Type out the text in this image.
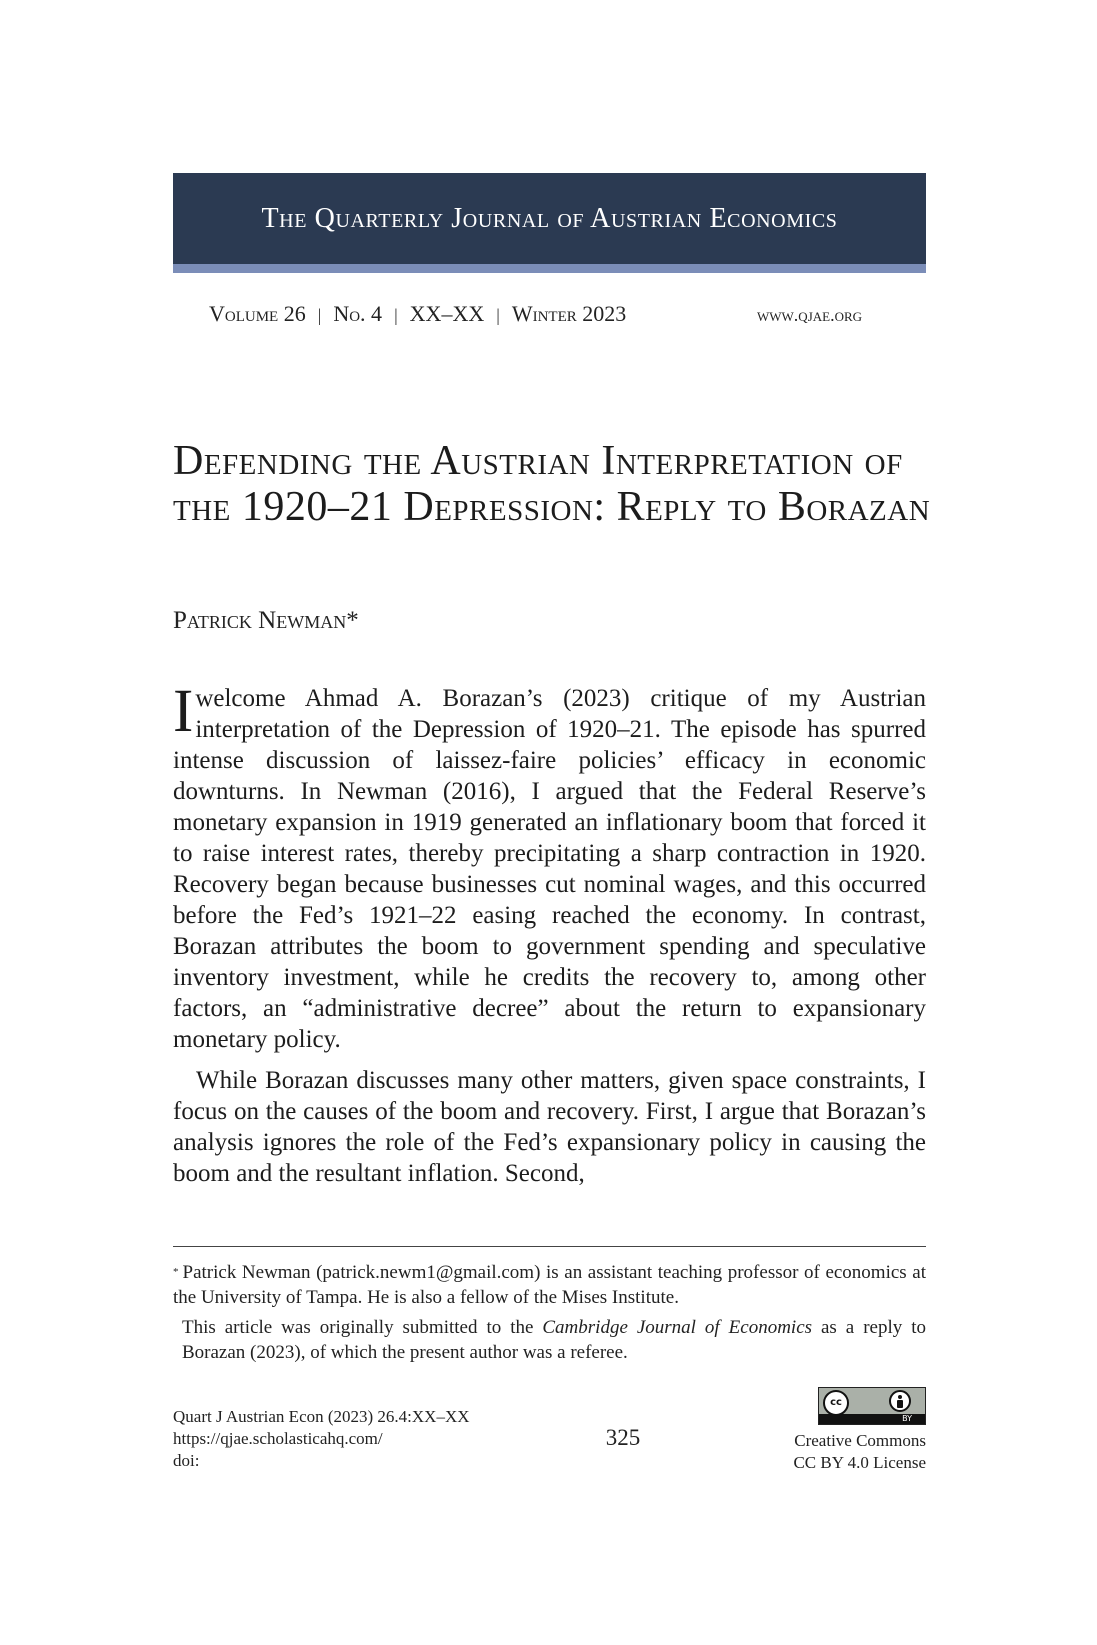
The Quarterly Journal of Austrian Economics
Volume 26 | No. 4 | XX–XX | Winter 2023	www.qjae.org
Defending the Austrian Interpretation of the 1920–21 Depression: Reply to Borazan
Patrick Newman*

Iwelcome Ahmad A. Borazan’s (2023) critique of my Austrian interpretation of the Depression of 1920–21. The episode has spurred intense discussion of laissez-faire policies’ efficacy in economic downturns. In Newman (2016), I argued that the Federal Reserve’s monetary expansion in 1919 generated an inflationary boom that forced it to raise interest rates, thereby precipitating a sharp contraction in 1920. Recovery began because businesses cut nominal wages, and this occurred before the Fed’s 1921–22 easing reached the economy. In contrast, Borazan attributes the boom to government spending and speculative inventory investment, while he credits the recovery to, among other factors, an “administrative decree” about the return to expansionary monetary policy.

While Borazan discusses many other matters, given space constraints, I focus on the causes of the boom and recovery. First, I argue that Borazan’s analysis ignores the role of the Fed’s expansionary policy in causing the boom and the resultant inflation. Second,

* Patrick Newman (patrick.newm1@gmail.com) is an assistant teaching professor of economics at the University of Tampa. He is also a fellow of the Mises Institute.
This article was originally submitted to the Cambridge Journal of Economics as a reply to Borazan (2023), of which the present author was a referee.
Quart J Austrian Econ (2023) 26.4:XX–XX
https://qjae.scholasticahq.com/
doi:
325
cc
BY
Creative Commons
CC BY 4.0 License
